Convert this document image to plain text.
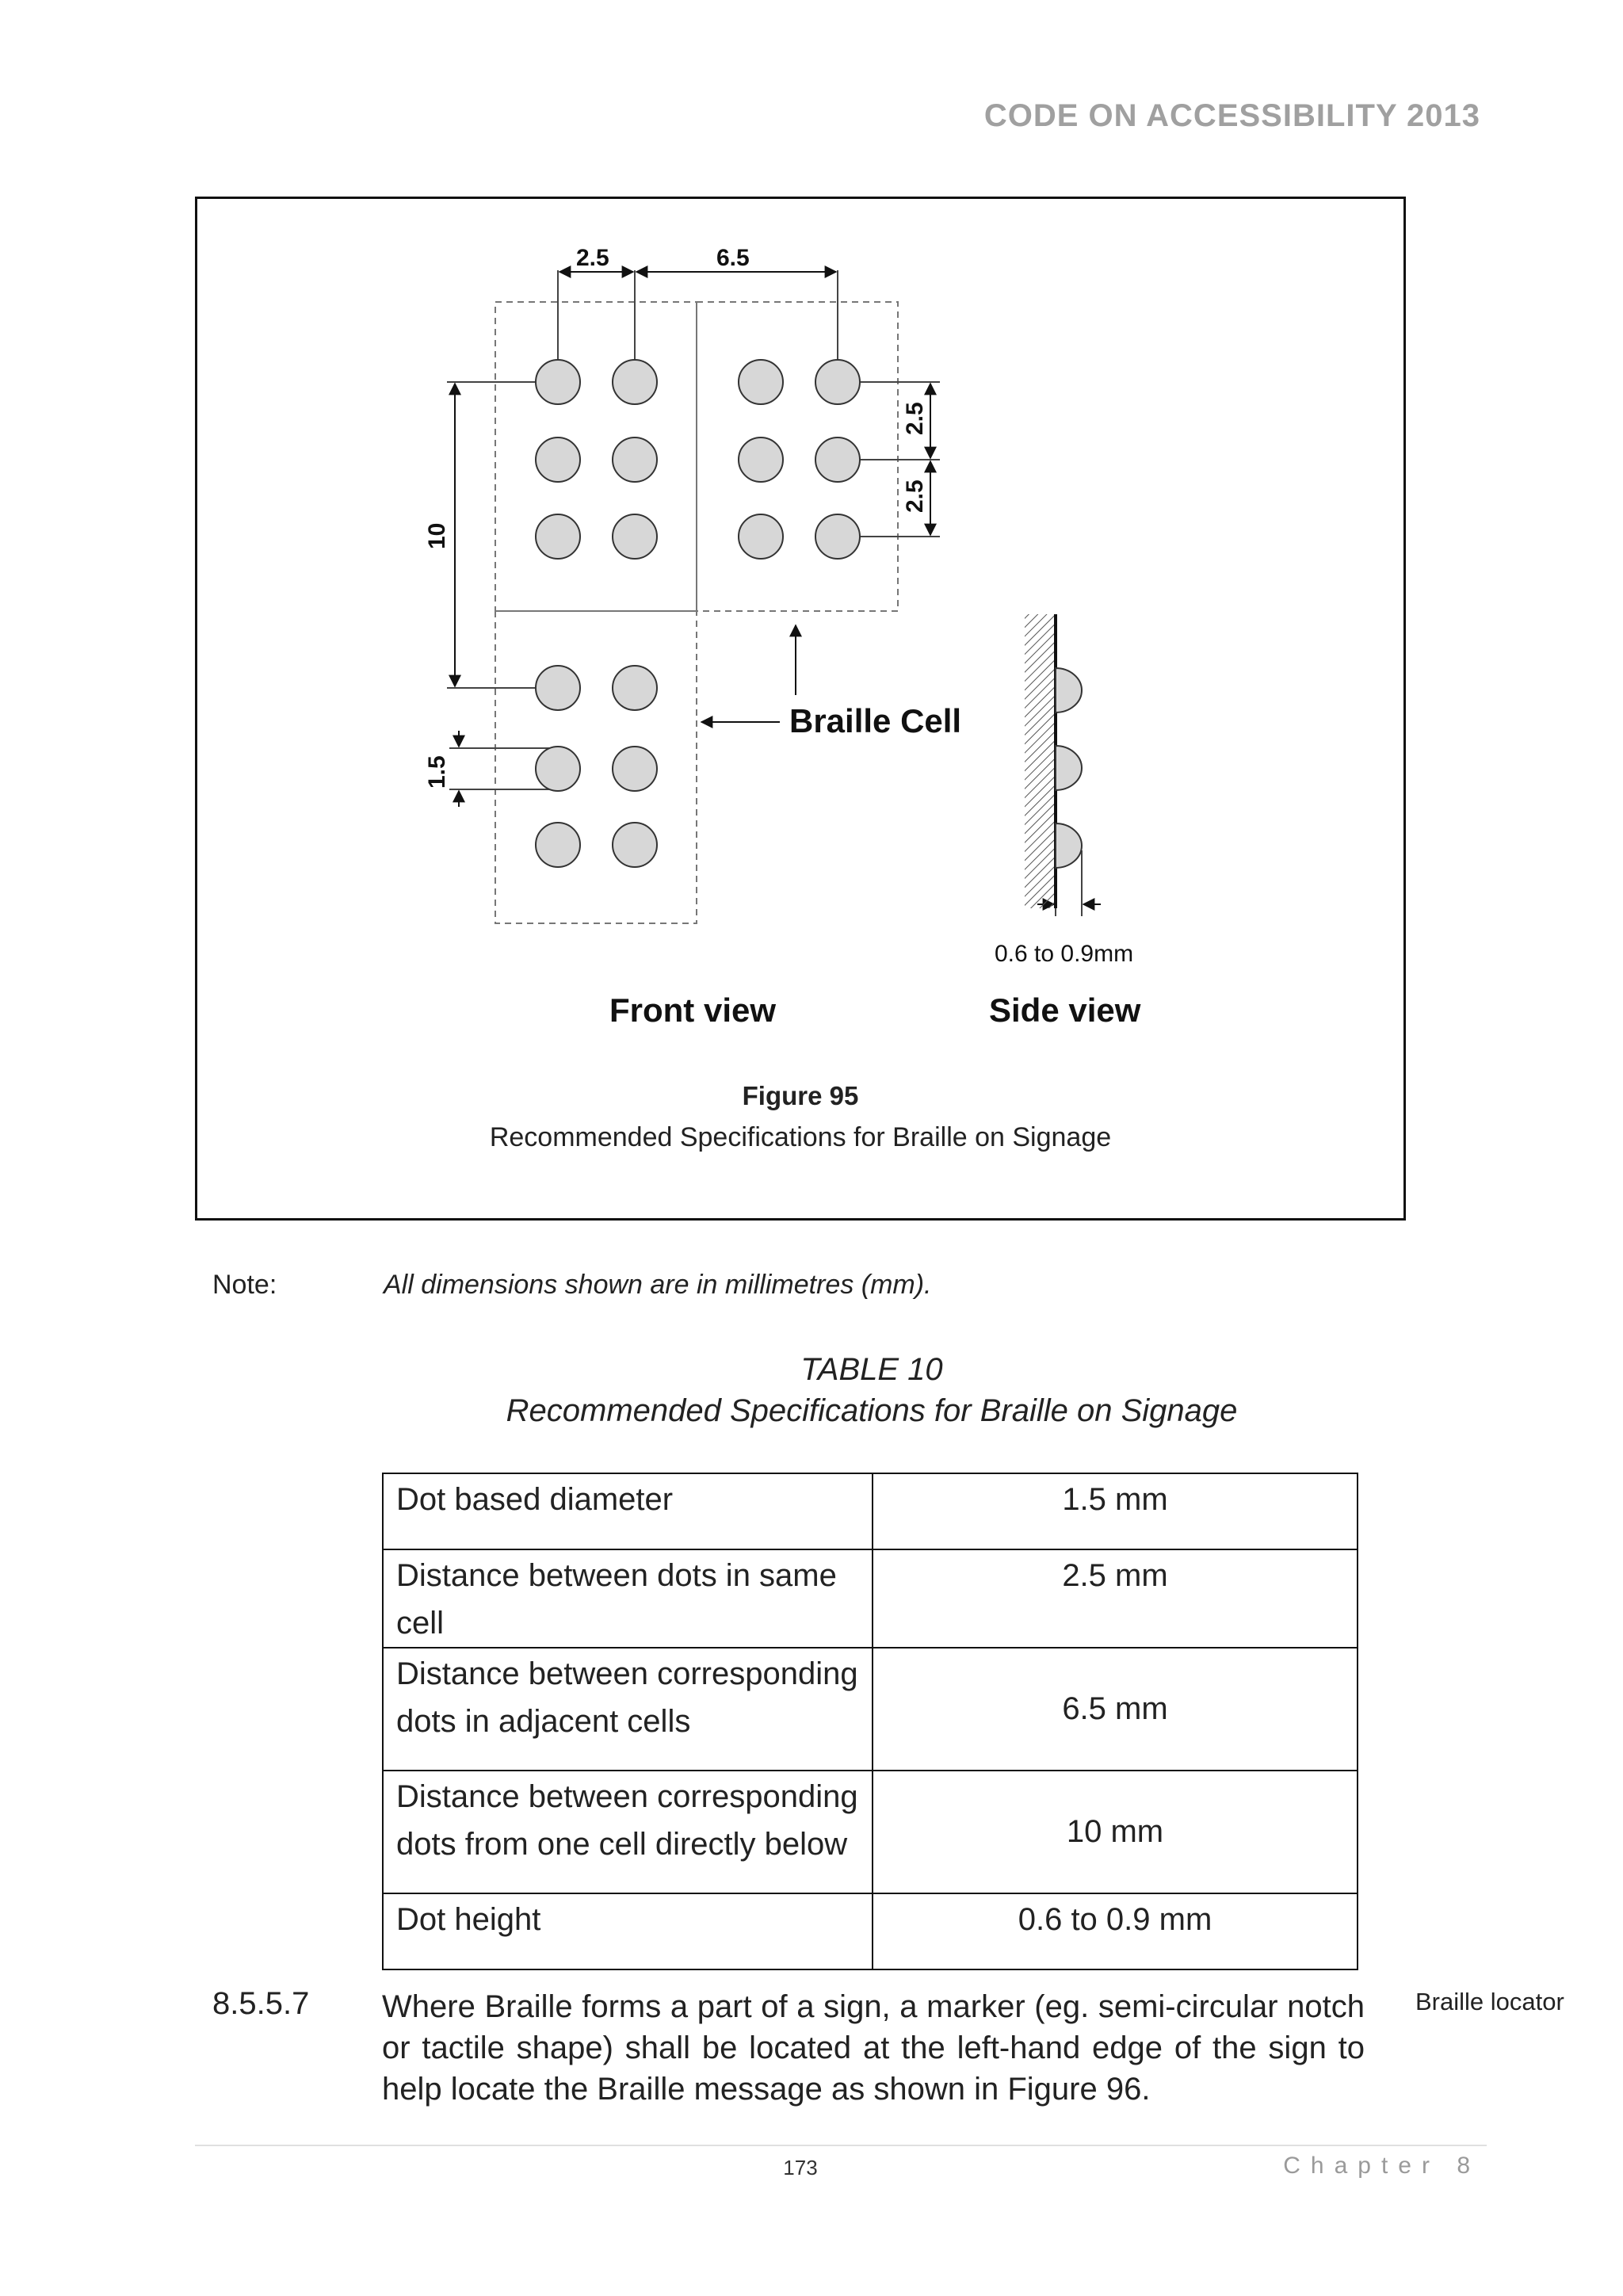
CODE ON ACCESSIBILITY 2013
2.5	6.5
2.5
2.5
10
1.5
0.6 to 0.9mm
Braille Cell
Front view	Side view
Figure 95
Recommended Specifications for Braille on Signage
Note:	All dimensions shown are in millimetres (mm).
TABLE 10
Recommended Specifications for Braille on Signage
Dot based diameter	1.5 mm
Distance between dots in same cell	2.5 mm
Distance between corresponding dots in adjacent cells	6.5 mm
Distance between corresponding dots from one cell directly below	10 mm
Dot height	0.6 to 0.9 mm
8.5.5.7 Where Braille forms a part of a sign, a marker (eg. semi-circular notch or tactile shape) shall be located at the left-hand edge of the sign to help locate the Braille message as shown in Figure 96.
Braille locator
173	Chapter 8
